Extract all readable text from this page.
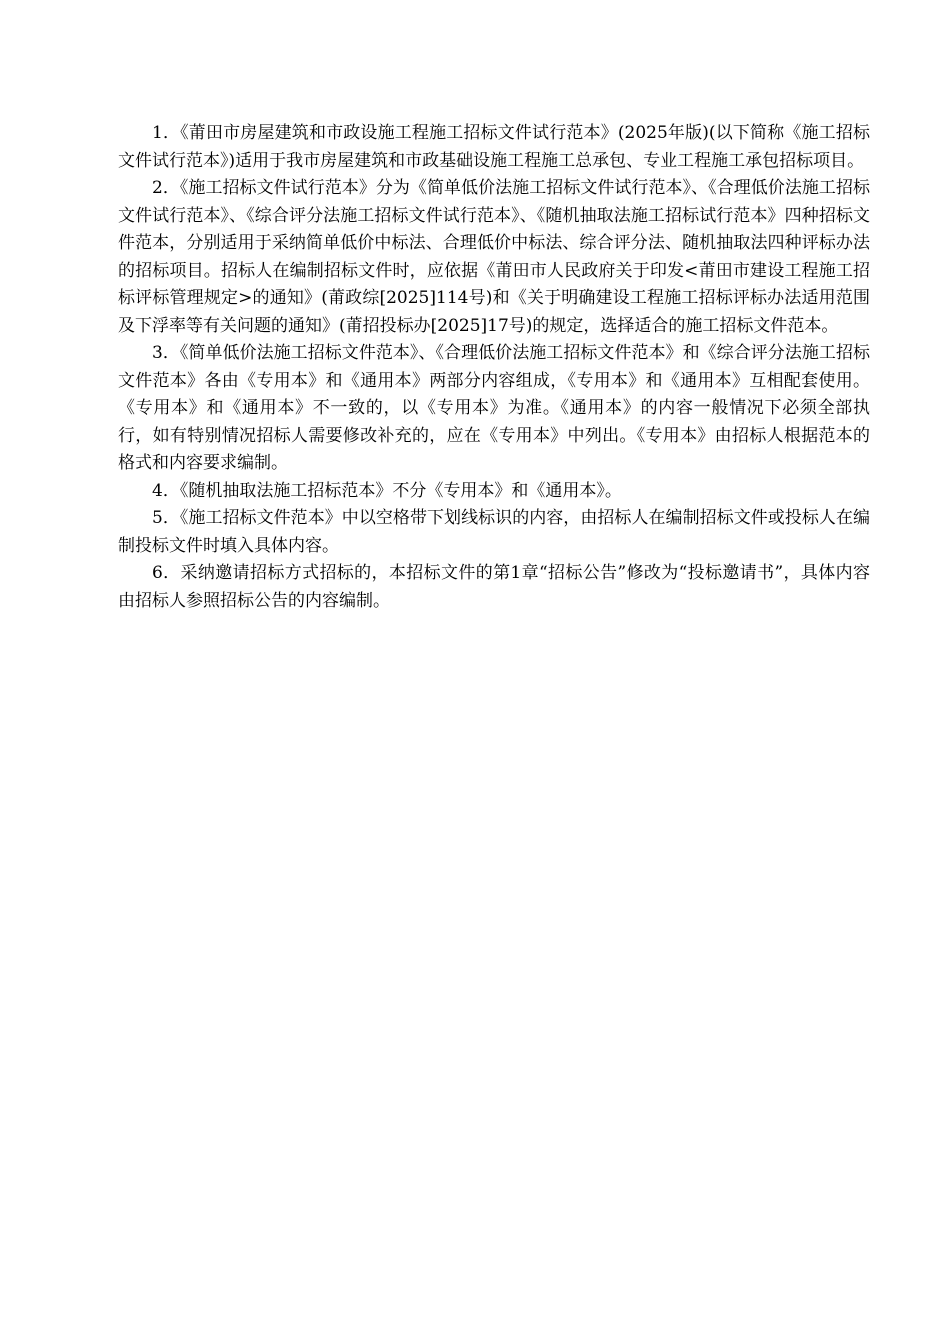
1．《莆田市房屋建筑和市政设施工程施工招标文件试行范本》(2025年版)(以下简称《施工招标文件试行范本》)适用于我市房屋建筑和市政基础设施工程施工总承包、专业工程施工承包招标项目。

2．《施工招标文件试行范本》分为《简单低价法施工招标文件试行范本》、《合理低价法施工招标文件试行范本》、《综合评分法施工招标文件试行范本》、《随机抽取法施工招标试行范本》四种招标文件范本，分别适用于采纳简单低价中标法、合理低价中标法、综合评分法、随机抽取法四种评标办法的招标项目。招标人在编制招标文件时，应依据《莆田市人民政府关于印发<莆田市建设工程施工招标评标管理规定>的通知》(莆政综[2025]114号)和《关于明确建设工程施工招标评标办法适用范围及下浮率等有关问题的通知》(莆招投标办[2025]17号)的规定，选择适合的施工招标文件范本。

3．《简单低价法施工招标文件范本》、《合理低价法施工招标文件范本》和《综合评分法施工招标文件范本》各由《专用本》和《通用本》两部分内容组成，《专用本》和《通用本》互相配套使用。《专用本》和《通用本》不一致的，以《专用本》为准。《通用本》的内容一般情况下必须全部执行，如有特别情况招标人需要修改补充的，应在《专用本》中列出。《专用本》由招标人根据范本的格式和内容要求编制。

4．《随机抽取法施工招标范本》不分《专用本》和《通用本》。

5．《施工招标文件范本》中以空格带下划线标识的内容，由招标人在编制招标文件或投标人在编制投标文件时填入具体内容。

6．采纳邀请招标方式招标的，本招标文件的第1章“招标公告”修改为“投标邀请书”，具体内容由招标人参照招标公告的内容编制。
